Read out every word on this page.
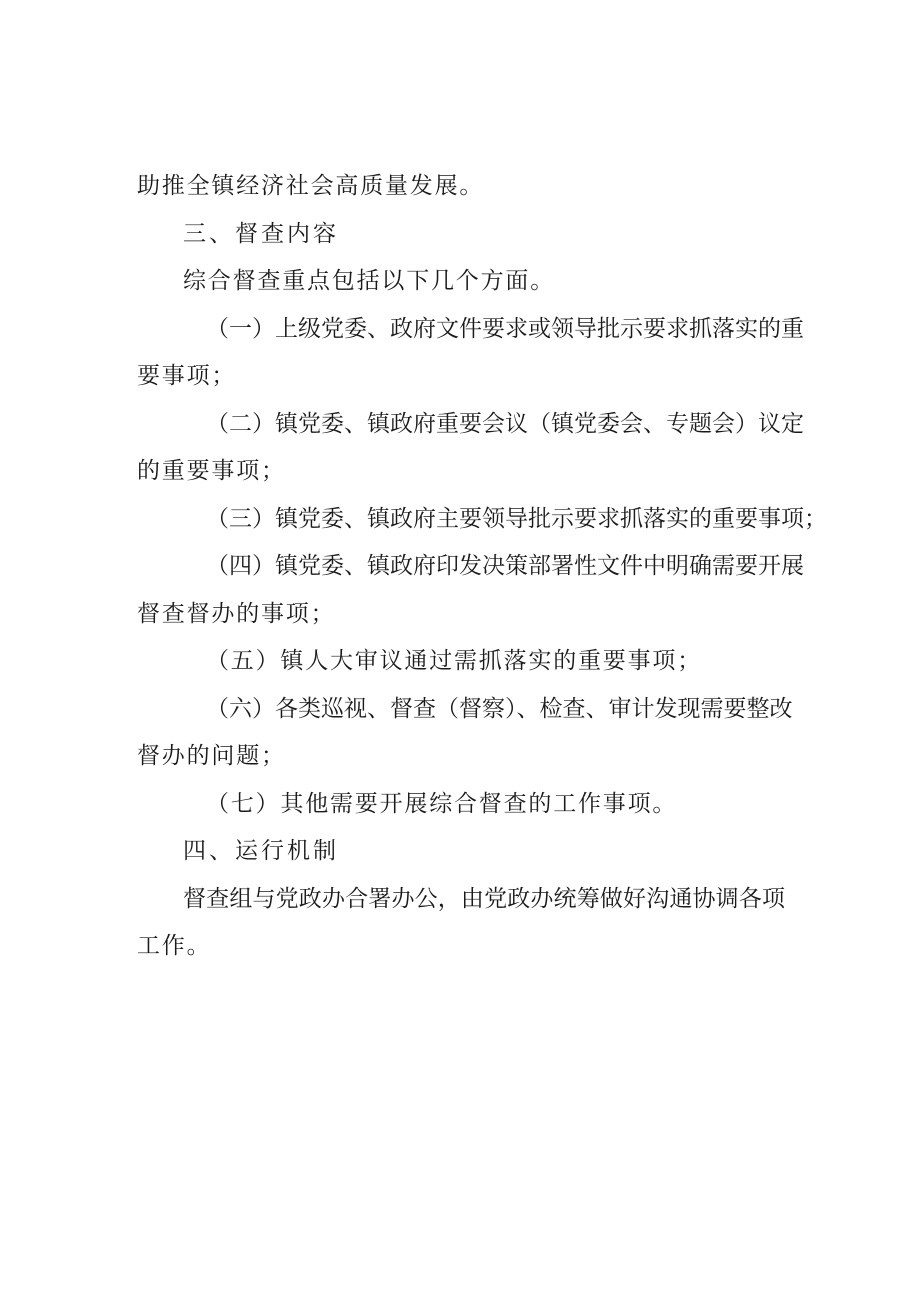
助推全镇经济社会高质量发展。
三、督查内容
综合督查重点包括以下几个方面。
（一）上级党委、政府文件要求或领导批示要求抓落实的重
要事项；
（二）镇党委、镇政府重要会议（镇党委会、专题会）议定
的重要事项；
（三）镇党委、镇政府主要领导批示要求抓落实的重要事项；
（四）镇党委、镇政府印发决策部署性文件中明确需要开展
督查督办的事项；
（五）镇人大审议通过需抓落实的重要事项；
（六）各类巡视、督查（督察）、检查、审计发现需要整改
督办的问题；
（七）其他需要开展综合督查的工作事项。
四、运行机制
督查组与党政办合署办公，由党政办统筹做好沟通协调各项
工作。
